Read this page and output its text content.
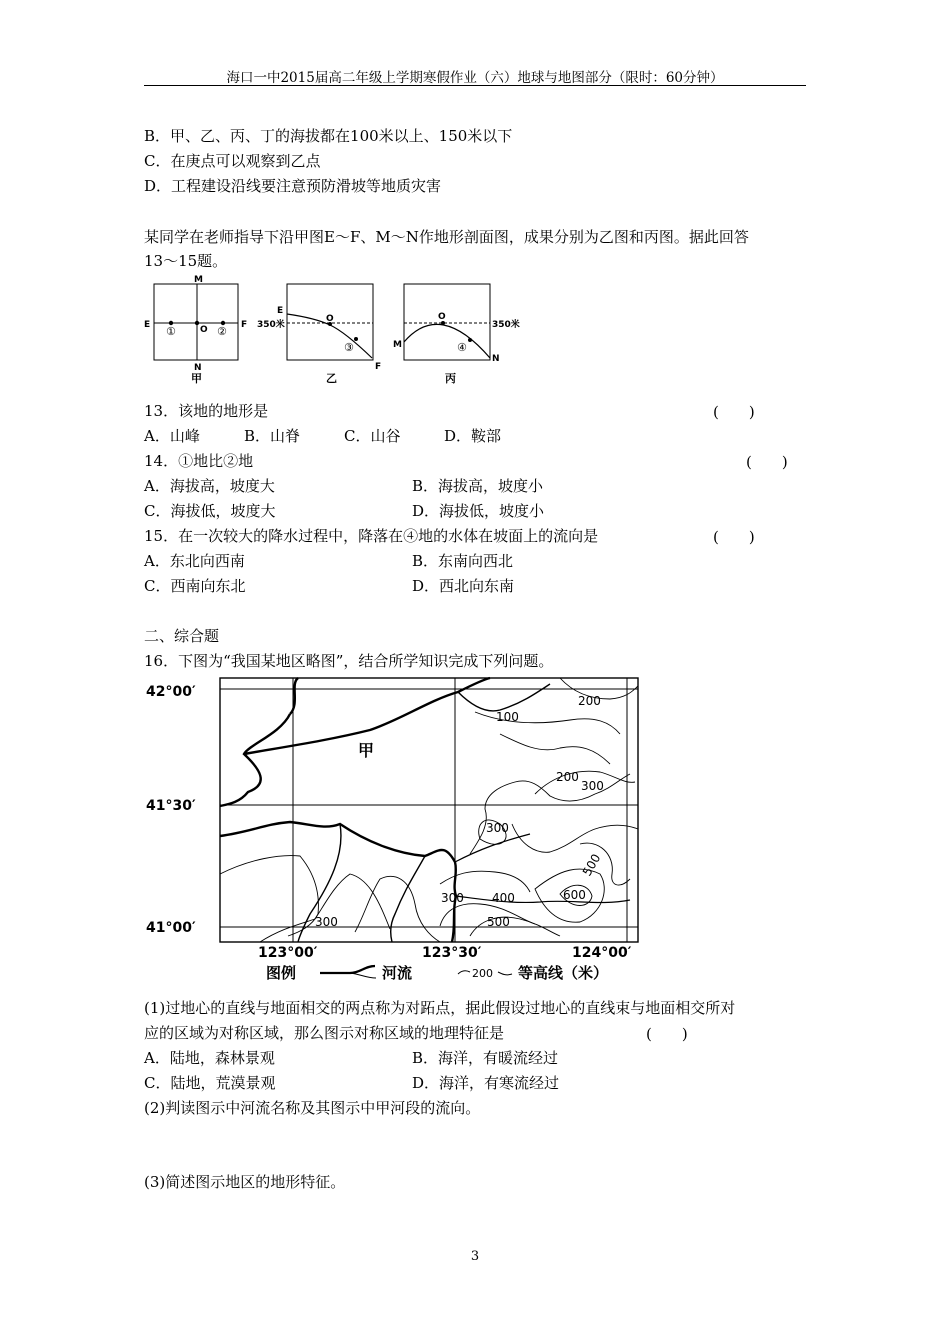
海口一中2015届高二年级上学期寒假作业（六）地球与地图部分（限时：60分钟）
B．甲、乙、丙、丁的海拔都在100米以上、150米以下
C．在庚点可以观察到乙点
D．工程建设沿线要注意预防滑坡等地质灾害
某同学在老师指导下沿甲图E～F、M～N作地形剖面图，成果分别为乙图和丙图。据此回答
13～15题。
M
N
E	F
O
①	②
甲
E
F
O
350米
③
乙
M
N
O
350米
④
丙
13．该地的地形是	(　　)
A．山峰	B．山脊	C．山谷	D．鞍部
14．①地比②地	(　　)
A．海拔高，坡度大	B．海拔高，坡度小
C．海拔低，坡度大	D．海拔低，坡度小
15．在一次较大的降水过程中，降落在④地的水体在坡面上的流向是	(　　)
A．东北向西南	B．东南向西北
C．西南向东北	D．西北向东南
二、综合题
16．下图为“我国某地区略图”，结合所学知识完成下列问题。
42°00′
41°30′
41°00′
123°00′	123°30′	124°00′
甲
100
200
200
300
300
300
300
400
500
500
600
图例	河流	200 等高线（米）
(1)过地心的直线与地面相交的两点称为对跖点，据此假设过地心的直线束与地面相交所对
应的区域为对称区域，那么图示对称区域的地理特征是	(　　)
A．陆地，森林景观	B．海洋，有暖流经过
C．陆地，荒漠景观	D．海洋，有寒流经过
(2)判读图示中河流名称及其图示中甲河段的流向。
(3)简述图示地区的地形特征。
3
